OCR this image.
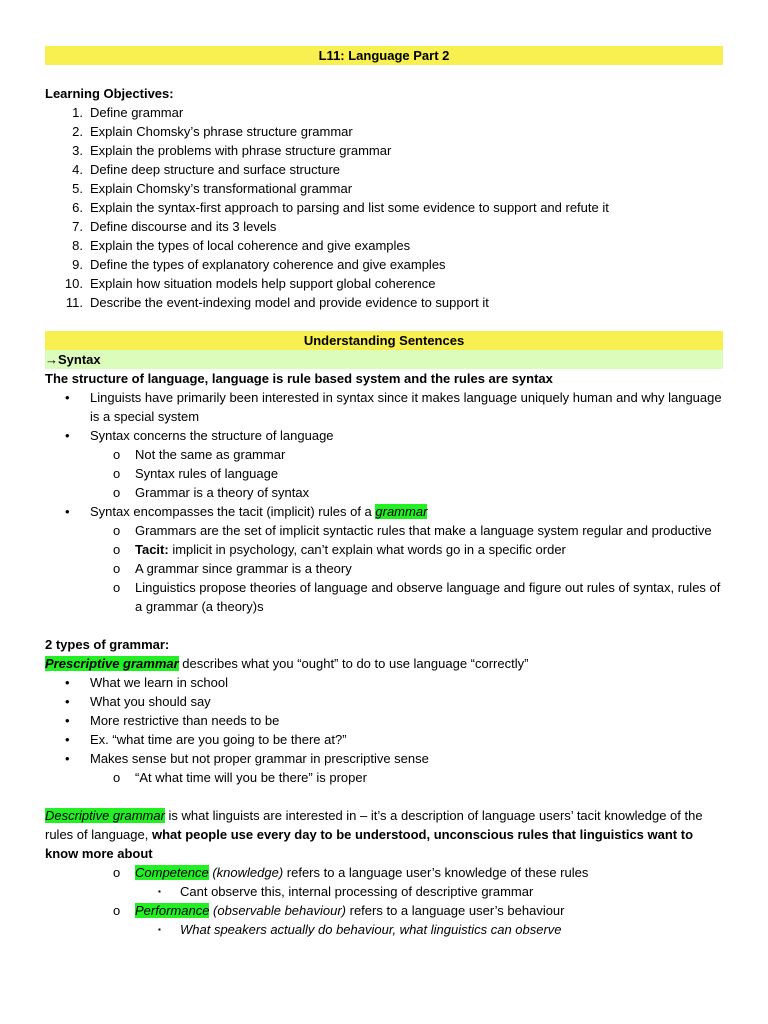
L11: Language Part 2
Learning Objectives:
1. Define grammar
2. Explain Chomsky’s phrase structure grammar
3. Explain the problems with phrase structure grammar
4. Define deep structure and surface structure
5. Explain Chomsky’s transformational grammar
6. Explain the syntax-first approach to parsing and list some evidence to support and refute it
7. Define discourse and its 3 levels
8. Explain the types of local coherence and give examples
9. Define the types of explanatory coherence and give examples
10. Explain how situation models help support global coherence
11. Describe the event-indexing model and provide evidence to support it
Understanding Sentences
→Syntax
The structure of language, language is rule based system and the rules are syntax
• Linguists have primarily been interested in syntax since it makes language uniquely human and why language is a special system
• Syntax concerns the structure of language
o Not the same as grammar
o Syntax rules of language
o Grammar is a theory of syntax
• Syntax encompasses the tacit (implicit) rules of a grammar
o Grammars are the set of implicit syntactic rules that make a language system regular and productive
o Tacit: implicit in psychology, can’t explain what words go in a specific order
o A grammar since grammar is a theory
o Linguistics propose theories of language and observe language and figure out rules of syntax, rules of a grammar (a theory)s
2 types of grammar:
Prescriptive grammar describes what you “ought” to do to use language “correctly”
• What we learn in school
• What you should say
• More restrictive than needs to be
• Ex. “what time are you going to be there at?”
• Makes sense but not proper grammar in prescriptive sense
o “At what time will you be there” is proper
Descriptive grammar is what linguists are interested in – it’s a description of language users’ tacit knowledge of the rules of language, what people use every day to be understood, unconscious rules that linguistics want to know more about
o Competence (knowledge) refers to a language user’s knowledge of these rules
▪ Cant observe this, internal processing of descriptive grammar
o Performance (observable behaviour) refers to a language user’s behaviour
▪ What speakers actually do behaviour, what linguistics can observe
